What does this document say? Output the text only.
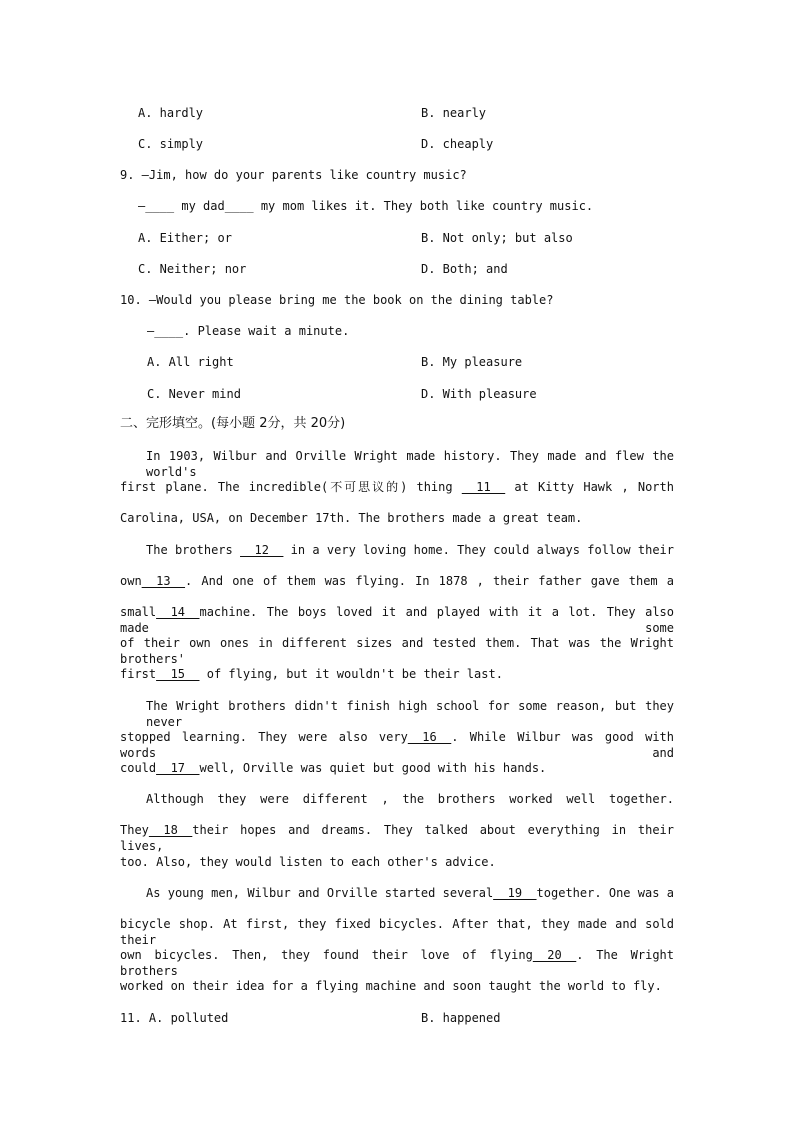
A. hardly	B. nearly
C. simply	D. cheaply
9. —Jim, how do your parents like country music?
—____ my dad____ my mom likes it. They both like country music.
A. Either; or	B. Not only; but also
C. Neither; nor	D. Both; and
10. —Would you please bring me the book on the dining table?
—____. Please wait a minute.
A. All right	B. My pleasure
C. Never mind	D. With pleasure
二、完形填空。(每小题 2分，共 20分)
In 1903, Wilbur and Orville Wright made history. They made and flew the world's
first plane. The incredible(不可思议的) thing __11__ at Kitty Hawk , North
Carolina, USA, on December 17th. The brothers made a great team.
The brothers __12__ in a very loving home. They could always follow their
own__13__. And one of them was flying. In 1878 , their father gave them a
small__14__machine. The boys loved it and played with it a lot. They also made some
of their own ones in different sizes and tested them. That was the Wright brothers'
first__15__ of flying, but it wouldn't be their last.
The Wright brothers didn't finish high school for some reason, but they never
stopped learning. They were also very__16__. While Wilbur was good with words and
could__17__well, Orville was quiet but good with his hands.
Although they were different , the brothers worked well together.
They__18__their hopes and dreams. They talked about everything in their lives,
too. Also, they would listen to each other's advice.
As young men, Wilbur and Orville started several__19__together. One was a
bicycle shop. At first, they fixed bicycles. After that, they made and sold their
own bicycles. Then, they found their love of flying__20__. The Wright brothers
worked on their idea for a flying machine and soon taught the world to fly.
11. A. polluted	B. happened
